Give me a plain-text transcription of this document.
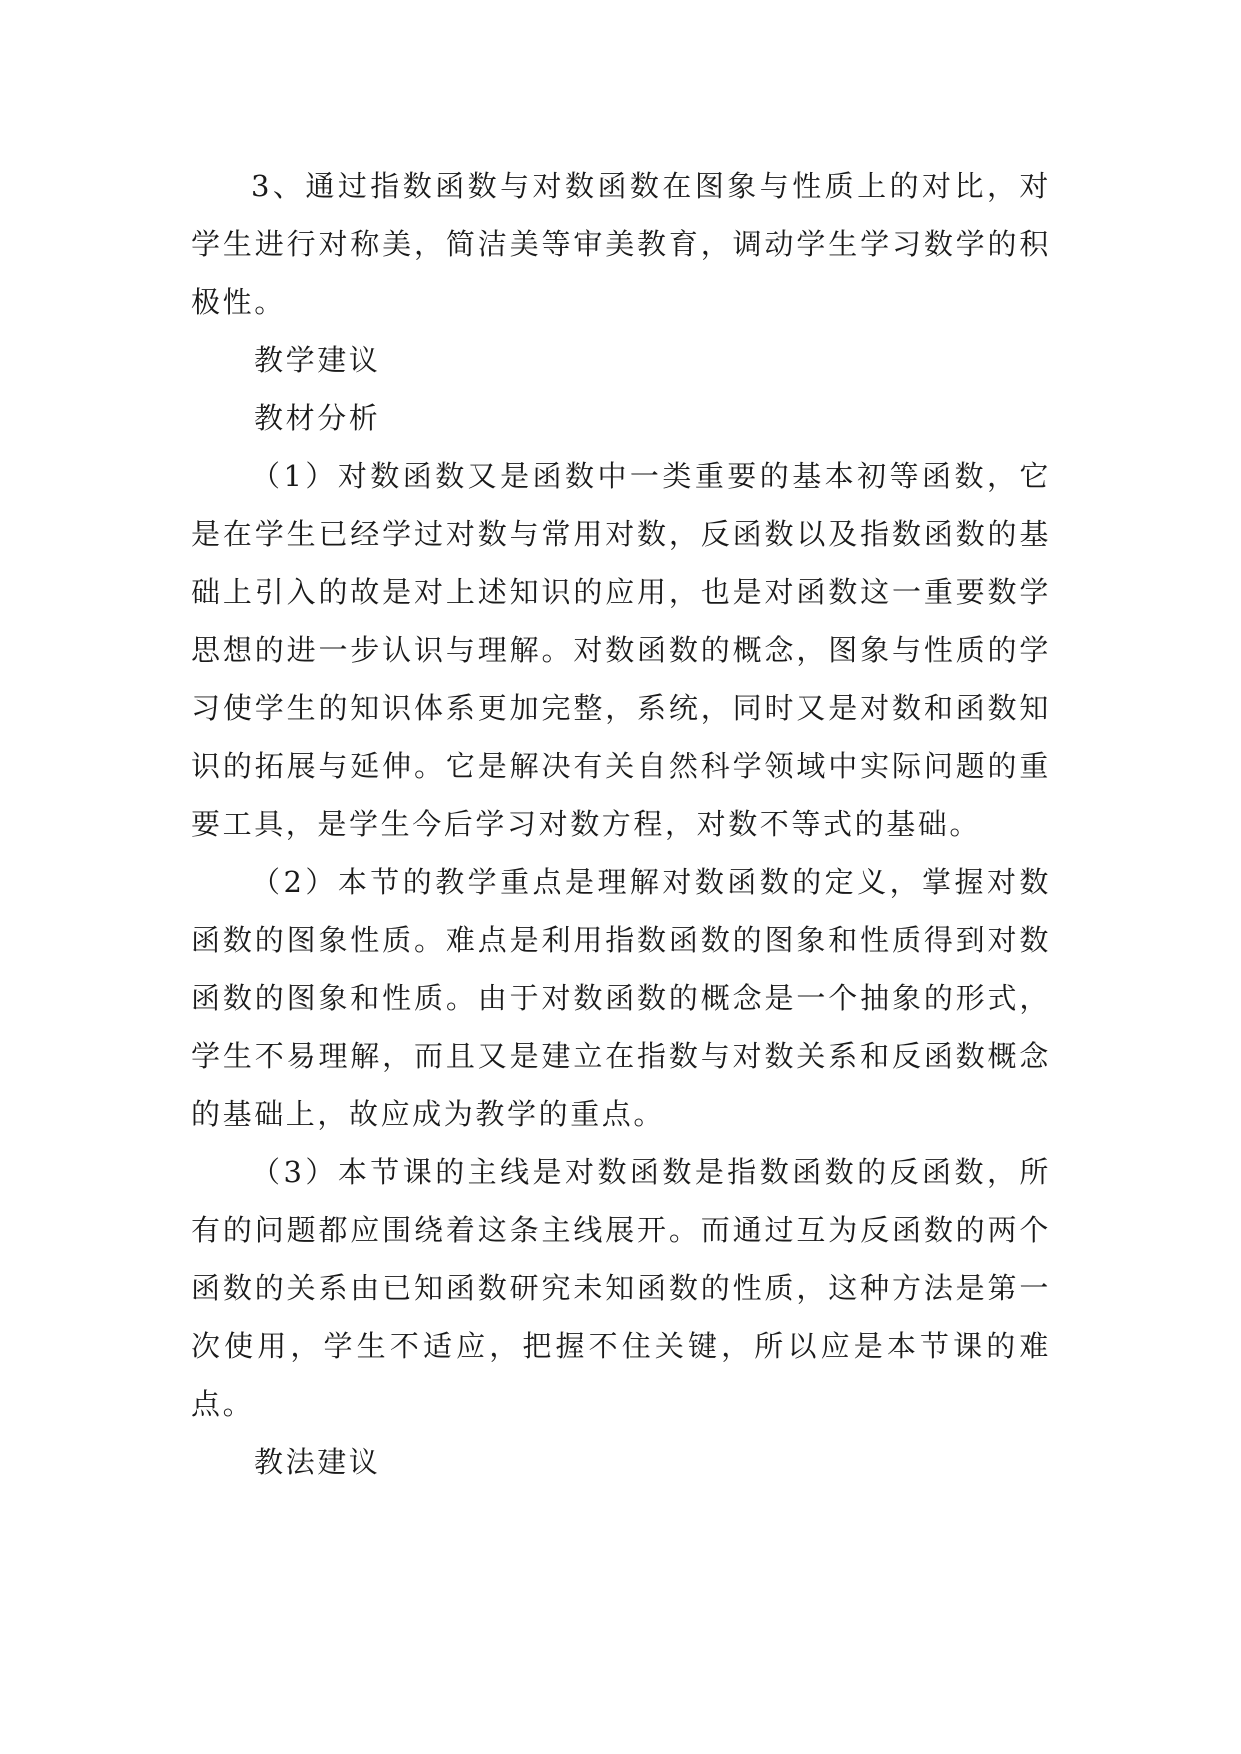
3、通过指数函数与对数函数在图象与性质上的对比，对学生进行对称美，简洁美等审美教育，调动学生学习数学的积极性。

教学建议

教材分析

（1）对数函数又是函数中一类重要的基本初等函数，它是在学生已经学过对数与常用对数，反函数以及指数函数的基础上引入的故是对上述知识的应用，也是对函数这一重要数学思想的进一步认识与理解。对数函数的概念，图象与性质的学习使学生的知识体系更加完整，系统，同时又是对数和函数知识的拓展与延伸。它是解决有关自然科学领域中实际问题的重要工具，是学生今后学习对数方程，对数不等式的基础。

（2）本节的教学重点是理解对数函数的定义，掌握对数函数的图象性质。难点是利用指数函数的图象和性质得到对数函数的图象和性质。由于对数函数的概念是一个抽象的形式，学生不易理解，而且又是建立在指数与对数关系和反函数概念的基础上，故应成为教学的重点。

（3）本节课的主线是对数函数是指数函数的反函数，所有的问题都应围绕着这条主线展开。而通过互为反函数的两个函数的关系由已知函数研究未知函数的性质，这种方法是第一次使用，学生不适应，把握不住关键，所以应是本节课的难点。

教法建议
